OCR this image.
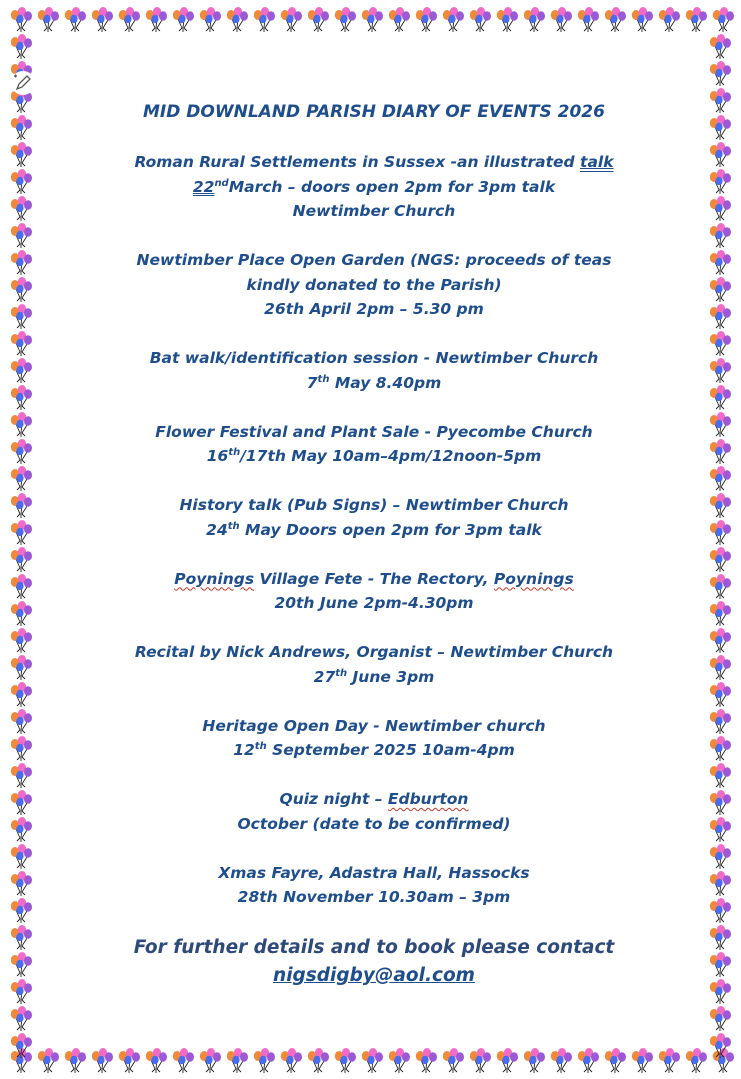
MID DOWNLAND PARISH DIARY OF EVENTS 2026
Roman Rural Settlements in Sussex -an illustrated talk
22ndMarch – doors open 2pm for 3pm talk
Newtimber Church
Newtimber Place Open Garden (NGS: proceeds of teas kindly donated to the Parish)
26th April 2pm – 5.30 pm
Bat walk/identification session - Newtimber Church
7th May 8.40pm
Flower Festival and Plant Sale - Pyecombe Church
16th/17th May 10am–4pm/12noon-5pm
History talk (Pub Signs) – Newtimber Church
24th May Doors open 2pm for 3pm talk
Poynings Village Fete - The Rectory, Poynings
20th June 2pm-4.30pm
Recital by Nick Andrews, Organist – Newtimber Church
27th June 3pm
Heritage Open Day - Newtimber church
12th September 2025 10am-4pm
Quiz night – Edburton
October (date to be confirmed)
Xmas Fayre, Adastra Hall, Hassocks
28th November 10.30am – 3pm
For further details and to book please contact
nigsdigby@aol.com
